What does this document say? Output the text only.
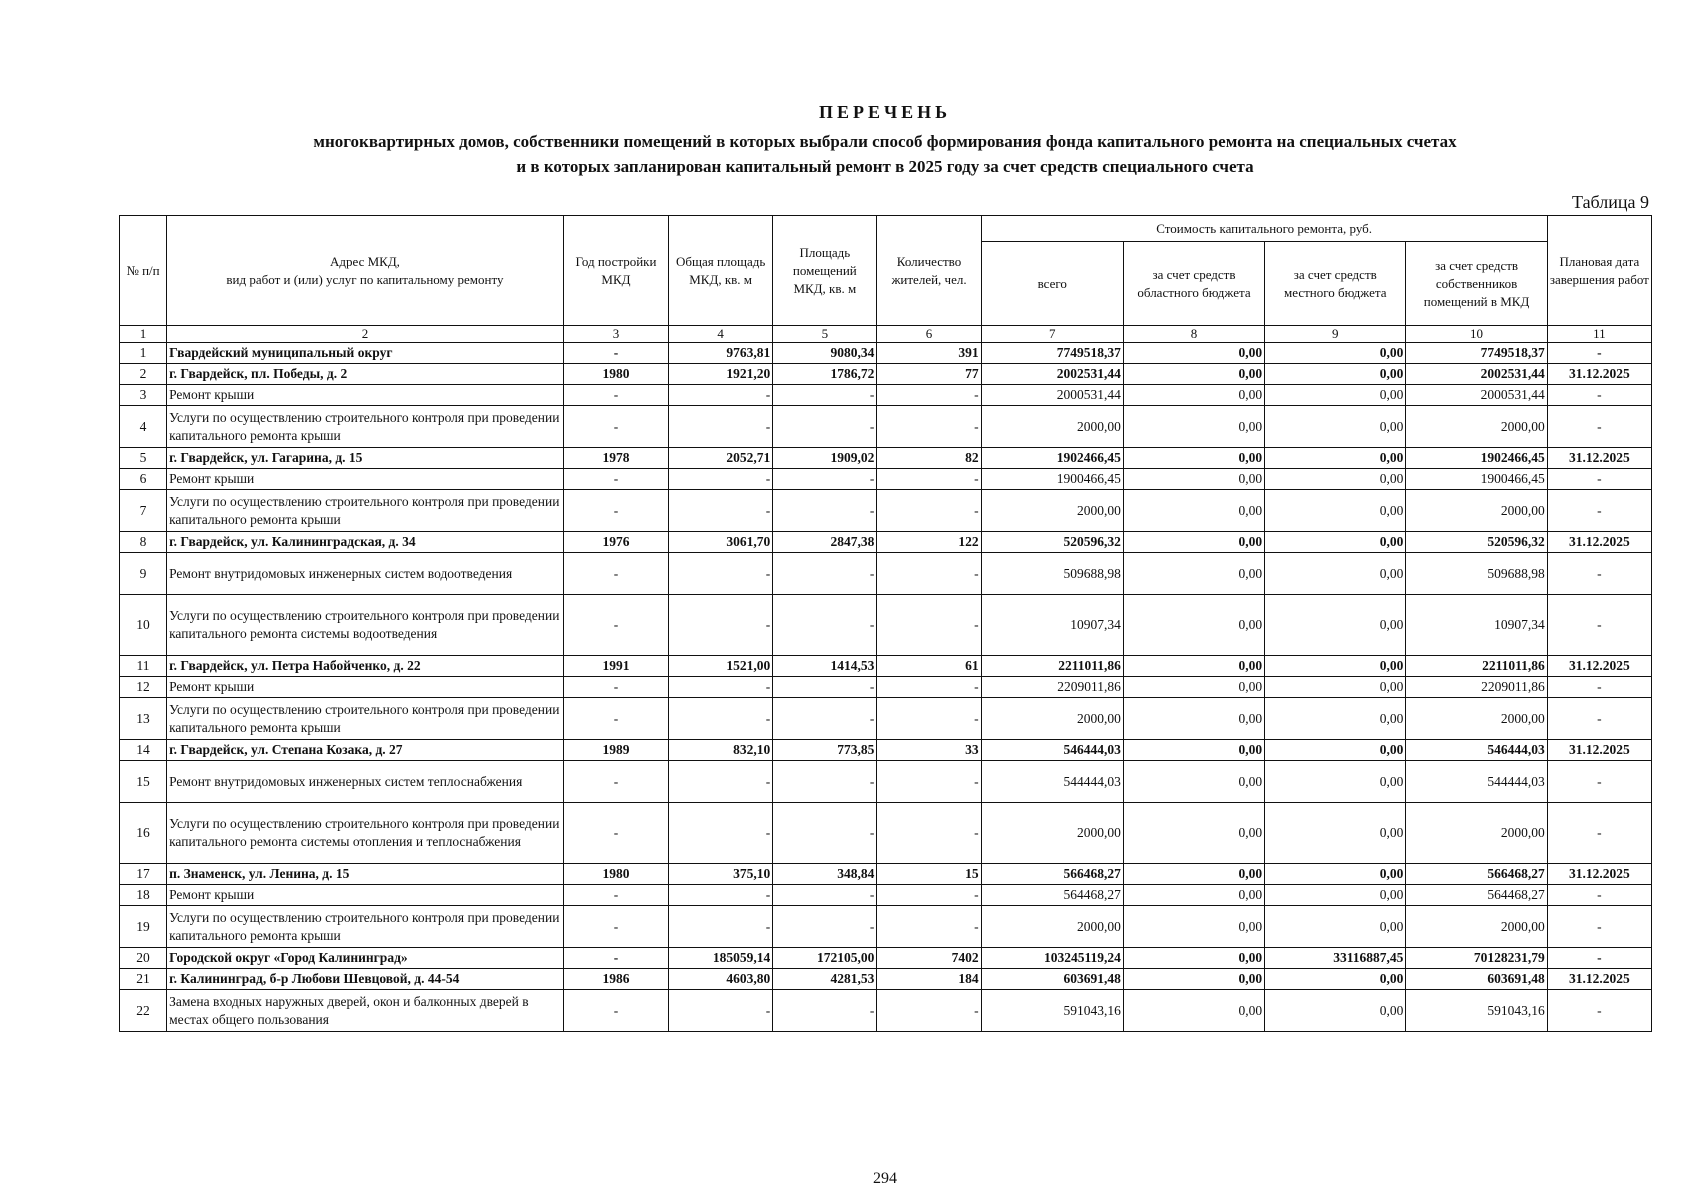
ПЕРЕЧЕНЬ
многоквартирных домов, собственники помещений в которых выбрали способ формирования фонда капитального ремонта на специальных счетах
и в которых запланирован капитальный ремонт в 2025 году за счет средств специального счета
Таблица 9
№ п/п	Адрес МКД,
вид работ и (или) услуг по капитальному ремонту	Год постройки МКД	Общая площадь МКД, кв. м	Площадь помещений МКД, кв. м	Количество жителей, чел.	Стоимость капитального ремонта, руб.				Плановая дата завершения работ
						всего	за счет средств областного бюджета	за счет средств местного бюджета	за счет средств собственников помещений в МКД	
1	2	3	4	5	6	7	8	9	10	11
1	Гвардейский муниципальный округ	-	9763,81	9080,34	391	7749518,37	0,00	0,00	7749518,37	-
2	г. Гвардейск, пл. Победы, д. 2	1980	1921,20	1786,72	77	2002531,44	0,00	0,00	2002531,44	31.12.2025
3	Ремонт крыши	-	-	-	-	2000531,44	0,00	0,00	2000531,44	-
4	Услуги по осуществлению строительного контроля при проведении капитального ремонта крыши	-	-	-	-	2000,00	0,00	0,00	2000,00	-
5	г. Гвардейск, ул. Гагарина, д. 15	1978	2052,71	1909,02	82	1902466,45	0,00	0,00	1902466,45	31.12.2025
6	Ремонт крыши	-	-	-	-	1900466,45	0,00	0,00	1900466,45	-
7	Услуги по осуществлению строительного контроля при проведении капитального ремонта крыши	-	-	-	-	2000,00	0,00	0,00	2000,00	-
8	г. Гвардейск, ул. Калининградская, д. 34	1976	3061,70	2847,38	122	520596,32	0,00	0,00	520596,32	31.12.2025
9	Ремонт внутридомовых инженерных систем водоотведения	-	-	-	-	509688,98	0,00	0,00	509688,98	-
10	Услуги по осуществлению строительного контроля при проведении капитального ремонта системы водоотведения	-	-	-	-	10907,34	0,00	0,00	10907,34	-
11	г. Гвардейск, ул. Петра Набойченко, д. 22	1991	1521,00	1414,53	61	2211011,86	0,00	0,00	2211011,86	31.12.2025
12	Ремонт крыши	-	-	-	-	2209011,86	0,00	0,00	2209011,86	-
13	Услуги по осуществлению строительного контроля при проведении капитального ремонта крыши	-	-	-	-	2000,00	0,00	0,00	2000,00	-
14	г. Гвардейск, ул. Степана Козака, д. 27	1989	832,10	773,85	33	546444,03	0,00	0,00	546444,03	31.12.2025
15	Ремонт внутридомовых инженерных систем теплоснабжения	-	-	-	-	544444,03	0,00	0,00	544444,03	-
16	Услуги по осуществлению строительного контроля при проведении капитального ремонта системы отопления и теплоснабжения	-	-	-	-	2000,00	0,00	0,00	2000,00	-
17	п. Знаменск, ул. Ленина, д. 15	1980	375,10	348,84	15	566468,27	0,00	0,00	566468,27	31.12.2025
18	Ремонт крыши	-	-	-	-	564468,27	0,00	0,00	564468,27	-
19	Услуги по осуществлению строительного контроля при проведении капитального ремонта крыши	-	-	-	-	2000,00	0,00	0,00	2000,00	-
20	Городской округ «Город Калининград»	-	185059,14	172105,00	7402	103245119,24	0,00	33116887,45	70128231,79	-
21	г. Калининград, б-р Любови Шевцовой, д. 44-54	1986	4603,80	4281,53	184	603691,48	0,00	0,00	603691,48	31.12.2025
22	Замена входных наружных дверей, окон и балконных дверей в местах общего пользования	-	-	-	-	591043,16	0,00	0,00	591043,16	-
294
